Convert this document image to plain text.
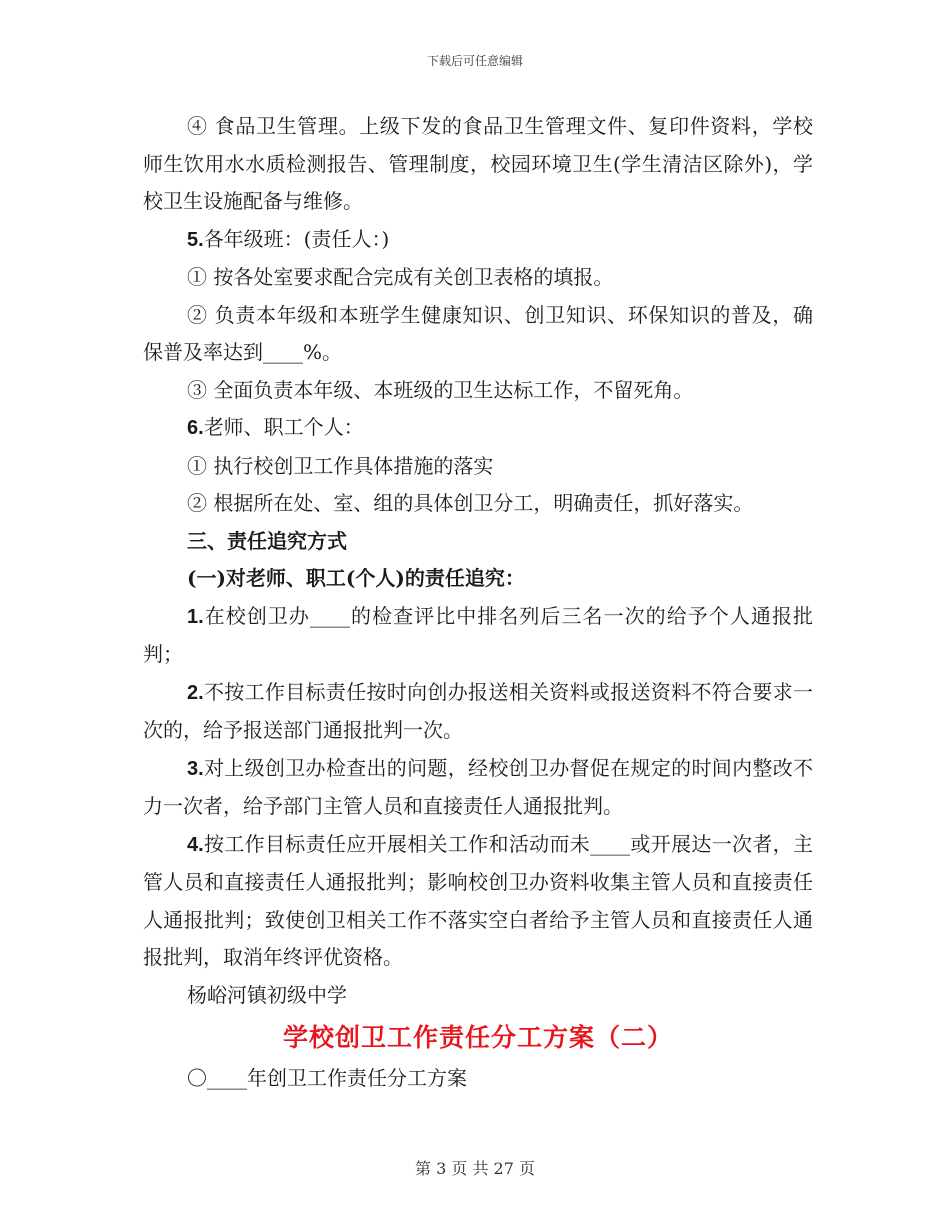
下载后可任意编辑

④ 食品卫生管理。上级下发的食品卫生管理文件、复印件资料，学校师生饮用水水质检测报告、管理制度，校园环境卫生(学生清洁区除外)，学校卫生设施配备与维修。

5.各年级班：(责任人：)

① 按各处室要求配合完成有关创卫表格的填报。

② 负责本年级和本班学生健康知识、创卫知识、环保知识的普及，确保普及率达到____%。

③ 全面负责本年级、本班级的卫生达标工作，不留死角。

6.老师、职工个人：

① 执行校创卫工作具体措施的落实

② 根据所在处、室、组的具体创卫分工，明确责任，抓好落实。

三、责任追究方式

(一)对老师、职工(个人)的责任追究：

1.在校创卫办____的检查评比中排名列后三名一次的给予个人通报批判；

2.不按工作目标责任按时向创办报送相关资料或报送资料不符合要求一次的，给予报送部门通报批判一次。

3.对上级创卫办检查出的问题，经校创卫办督促在规定的时间内整改不力一次者，给予部门主管人员和直接责任人通报批判。

4.按工作目标责任应开展相关工作和活动而未____或开展达一次者，主管人员和直接责任人通报批判；影响校创卫办资料收集主管人员和直接责任人通报批判；致使创卫相关工作不落实空白者给予主管人员和直接责任人通报批判，取消年终评优资格。

杨峪河镇初级中学

学校创卫工作责任分工方案（二）

〇____年创卫工作责任分工方案

第 3 页 共 27 页
